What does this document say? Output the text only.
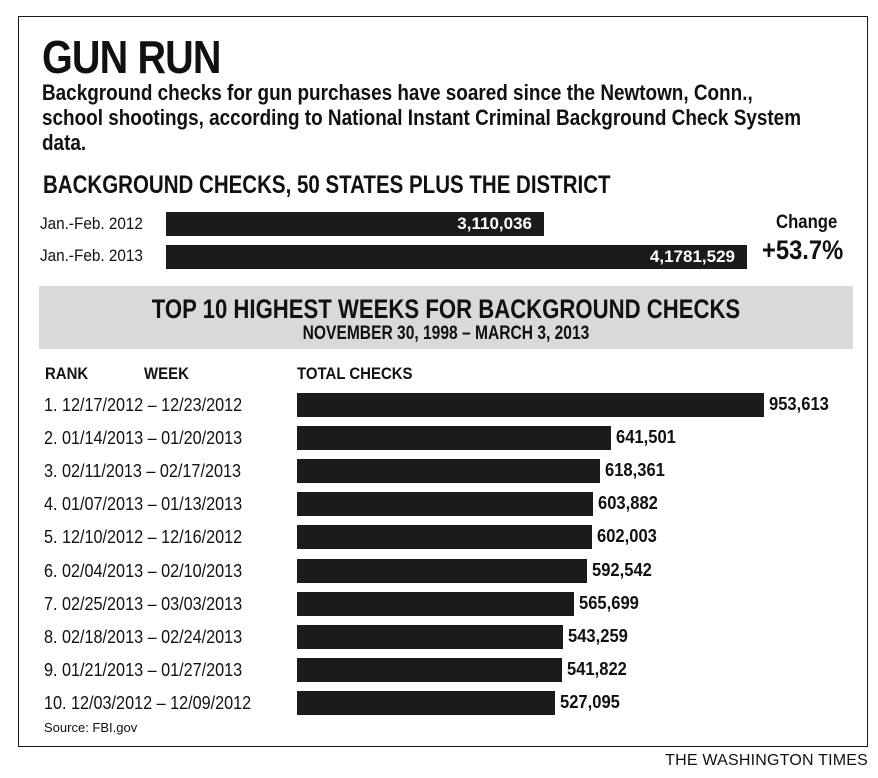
GUN RUN
Background checks for gun purchases have soared since the Newtown, Conn., school shootings, according to National Instant Criminal Background Check System data.
BACKGROUND CHECKS, 50 STATES PLUS THE DISTRICT
Jan.-Feb. 2012	3,110,036
Jan.-Feb. 2013	4,1781,529
Change
+53.7%
TOP 10 HIGHEST WEEKS FOR BACKGROUND CHECKS
NOVEMBER 30, 1998 – MARCH 3, 2013
RANK	WEEK	TOTAL CHECKS
1. 12/17/2012 – 12/23/2012	953,613
2. 01/14/2013 – 01/20/2013	641,501
3. 02/11/2013 – 02/17/2013	618,361
4. 01/07/2013 – 01/13/2013	603,882
5. 12/10/2012 – 12/16/2012	602,003
6. 02/04/2013 – 02/10/2013	592,542
7. 02/25/2013 – 03/03/2013	565,699
8. 02/18/2013 – 02/24/2013	543,259
9. 01/21/2013 – 01/27/2013	541,822
10. 12/03/2012 – 12/09/2012	527,095
Source: FBI.gov
THE WASHINGTON TIMES
